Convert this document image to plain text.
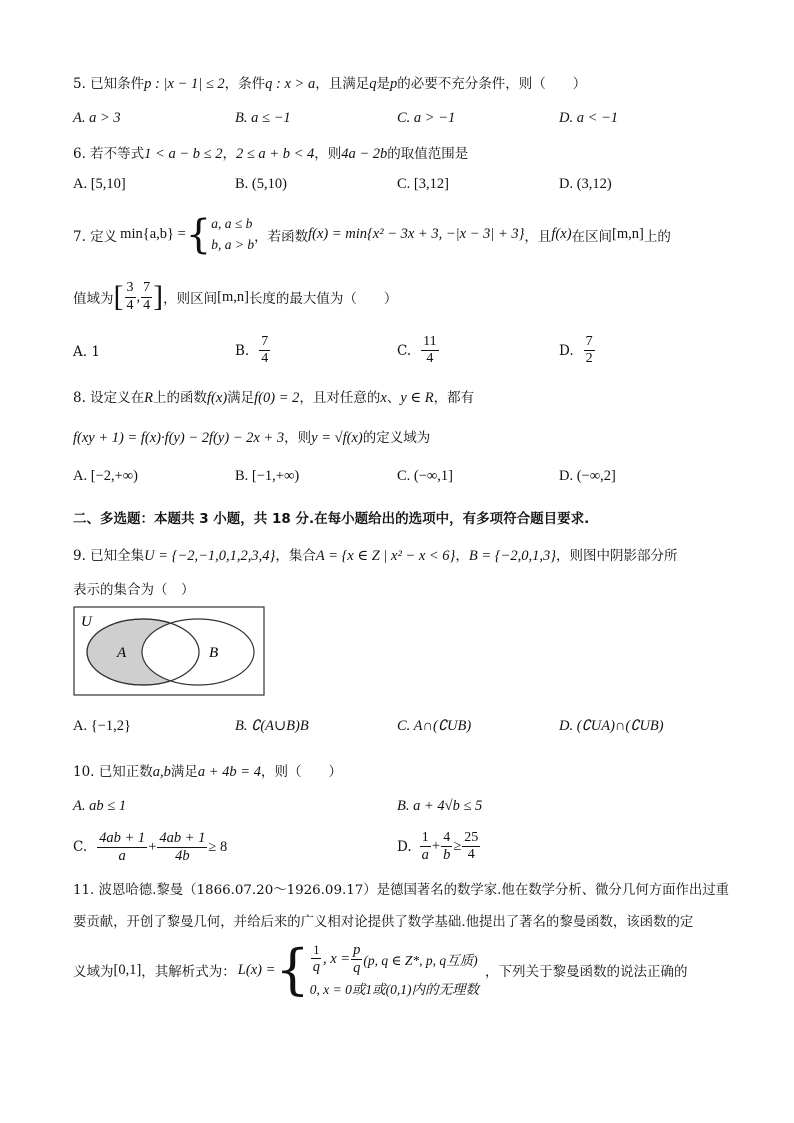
5. 已知条件p : |x − 1| ≤ 2，条件q : x > a，且满足q是p的必要不充分条件，则（　　）
A. a > 3	B. a ≤ −1	C. a > −1	D. a < −1
6. 若不等式1 < a − b ≤ 2，2 ≤ a + b < 4，则4a − 2b的取值范围是
A. [5,10]	B. (5,10)	C. [3,12]	D. (3,12)
7. 定义 min{a,b} = { a, a ≤ b
b, a > b ，若函数 f(x) = min{x² − 3x + 3, −|x − 3| + 3} ，且 f(x) 在区间 [m,n] 上的
值域为 [ $\frac{3}{4}$ , $\frac{7}{4}$ ] ，则区间 [m,n] 长度的最大值为（　　）
A. 1	B. $\frac{7}{4}$	C. $\frac{11}{4}$	D. $\frac{7}{2}$
8. 设定义在R上的函数f(x)满足f(0) = 2，且对任意的x、y ∈ R，都有
f(xy + 1) = f(x)·f(y) − 2f(y) − 2x + 3，则y = √f(x)的定义域为
A. [−2,+∞)	B. [−1,+∞)	C. (−∞,1]	D. (−∞,2]
二、多选题：本题共 3 小题，共 18 分.在每小题给出的选项中，有多项符合题目要求.
9. 已知全集U = {−2,−1,0,1,2,3,4}，集合A = {x ∈ Z | x² − x < 6}，B = {−2,0,1,3}，则图中阴影部分所
表示的集合为（　）
U
A	B
A. {−1,2}	B. ∁(A∪B)B	C. A∩(∁UB)	D. (∁UA)∩(∁UB)
10. 已知正数a,b满足a + 4b = 4，则（　　）
A. ab ≤ 1	B. a + 4√b ≤ 5
C. $\frac{4ab + 1}{a} + \frac{4ab + 1}{4b} \ge 8$	D. $\frac{1}{a} + \frac{4}{b} \ge \frac{25}{4}$
11. 波恩哈德.黎曼（1866.07.20～1926.09.17）是德国著名的数学家.他在数学分析、微分几何方面作出过重
要贡献，开创了黎曼几何，并给后来的广义相对论提供了数学基础.他提出了著名的黎曼函数，该函数的定
义域为 [0,1] ，其解析式为： L(x) = { $\frac{1}{q}$ , $x = \frac{p}{q} (p$, q ∈ Z*, p, q互质)
0, x = 0或1或(0,1)内的无理数
，下列关于黎曼函数的说法正确的
